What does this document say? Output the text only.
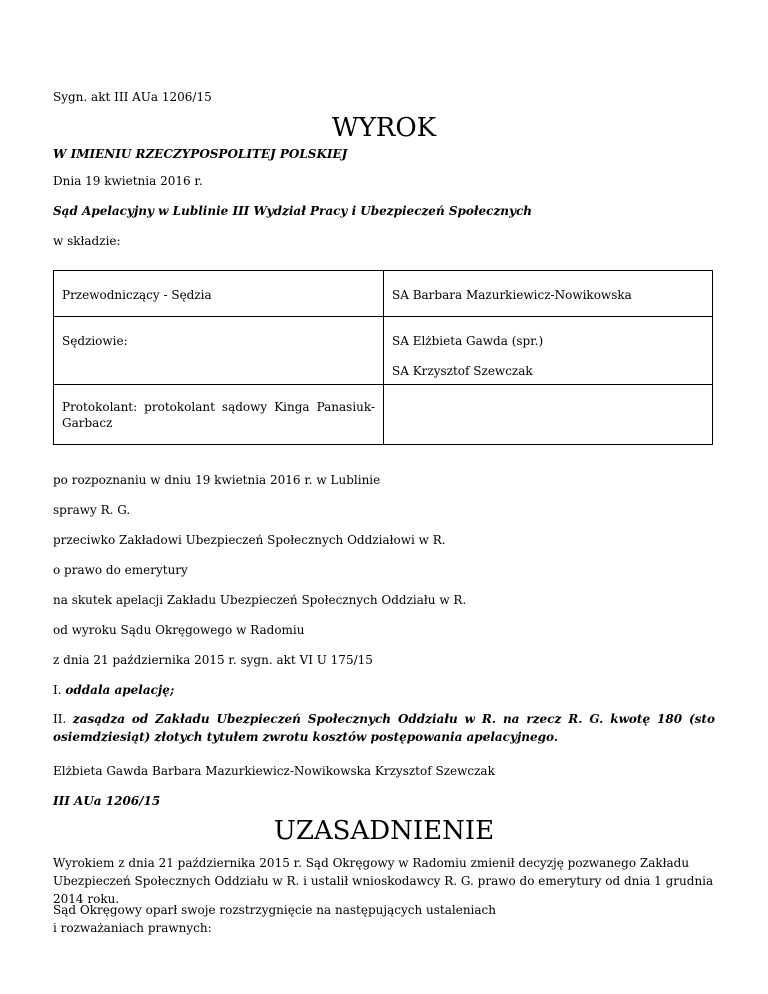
Sygn. akt III AUa 1206/15
WYROK
W IMIENIU RZECZYPOSPOLITEJ POLSKIEJ
Dnia 19 kwietnia 2016 r.
Sąd Apelacyjny w Lublinie III Wydział Pracy i Ubezpieczeń Społecznych
w składzie:
Przewodniczący - Sędzia	SA Barbara Mazurkiewicz-Nowikowska

Sędziowie:	SA Elżbieta Gawda (spr.)
SA Krzysztof Szewczak

Protokolant: protokolant sądowy Kinga Panasiuk-Garbacz	

po rozpoznaniu w dniu 19 kwietnia 2016 r. w Lublinie
sprawy R. G.
przeciwko Zakładowi Ubezpieczeń Społecznych Oddziałowi w R.
o prawo do emerytury
na skutek apelacji Zakładu Ubezpieczeń Społecznych Oddziału w R.
od wyroku Sądu Okręgowego w Radomiu
z dnia 21 października 2015 r. sygn. akt VI U 175/15
I. oddala apelację;
II. zasądza od Zakładu Ubezpieczeń Społecznych Oddziału w R. na rzecz R. G. kwotę 180 (sto osiemdziesiąt) złotych tytułem zwrotu kosztów postępowania apelacyjnego.
Elżbieta Gawda Barbara Mazurkiewicz-Nowikowska Krzysztof Szewczak
III AUa 1206/15
UZASADNIENIE
Wyrokiem z dnia 21 października 2015 r. Sąd Okręgowy w Radomiu zmienił decyzję pozwanego Zakładu Ubezpieczeń Społecznych Oddziału w R. i ustalił wnioskodawcy R. G. prawo do emerytury od dnia 1 grudnia 2014 roku.
Sąd Okręgowy oparł swoje rozstrzygnięcie na następujących ustaleniach
i rozważaniach prawnych:
